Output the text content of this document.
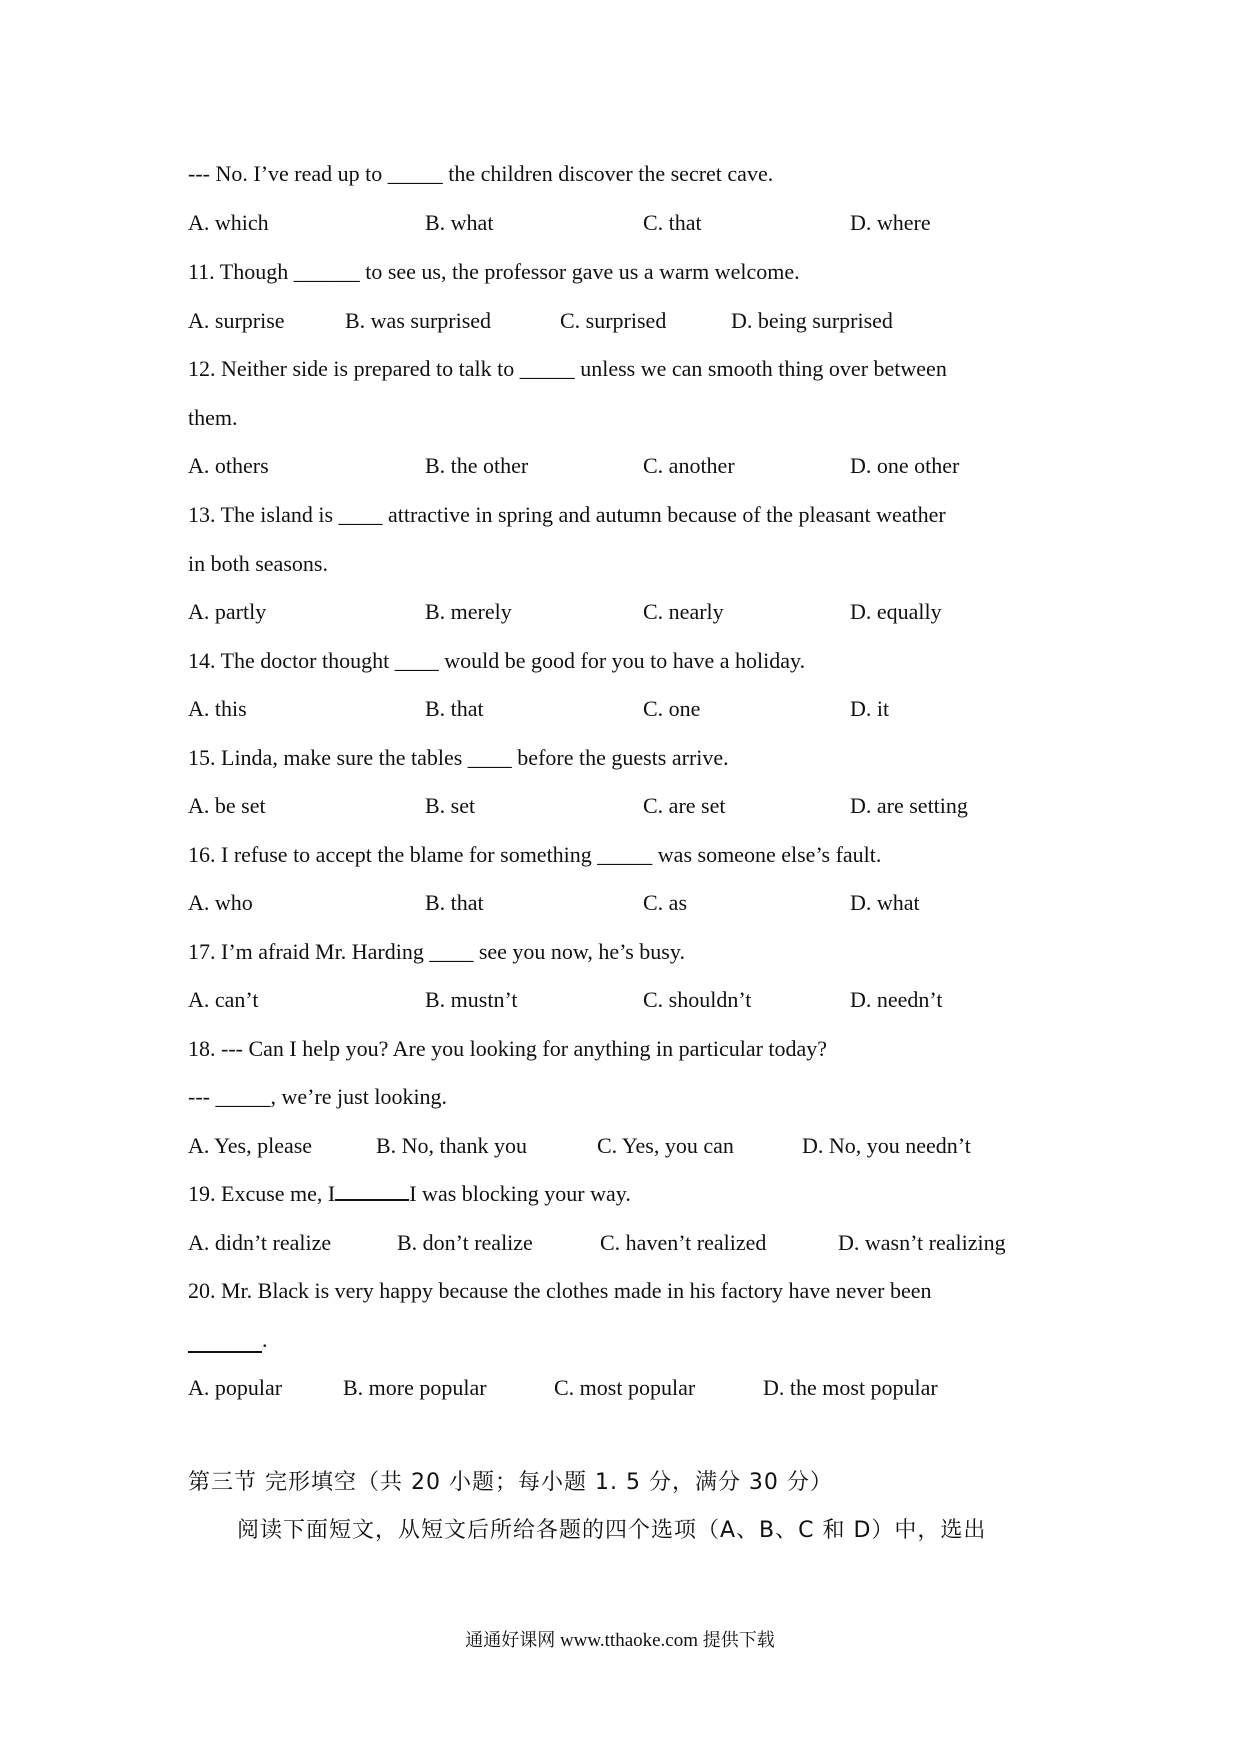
--- No. I’ve read up to _____ the children discover the secret cave.
A. which	B. what	C. that	D. where
11. Though ______ to see us, the professor gave us a warm welcome.
A. surprise	B. was surprised	C. surprised	D. being surprised
12. Neither side is prepared to talk to _____ unless we can smooth thing over between
them.
A. others	B. the other	C. another	D. one other
13. The island is ____ attractive in spring and autumn because of the pleasant weather
in both seasons.
A. partly	B. merely	C. nearly	D. equally
14. The doctor thought ____ would be good for you to have a holiday.
A. this	B. that	C. one	D. it
15. Linda, make sure the tables ____ before the guests arrive.
A. be set	B. set	C. are set	D. are setting
16. I refuse to accept the blame for something _____ was someone else’s fault.
A. who	B. that	C. as	D. what
17. I’m afraid Mr. Harding ____ see you now, he’s busy.
A. can’t	B. mustn’t	C. shouldn’t	D. needn’t
18. --- Can I help you? Are you looking for anything in particular today?
--- _____, we’re just looking.
A. Yes, please	B. No, thank you	C. Yes, you can	D. No, you needn’t
19. Excuse me, I	I was blocking your way.
A. didn’t realize	B. don’t realize	C. haven’t realized	D. wasn’t realizing
20. Mr. Black is very happy because the clothes made in his factory have never been
.
A. popular	B. more popular	C. most popular	D. the most popular
第三节 完形填空（共 20 小题；每小题 1. 5 分，满分 30 分）
阅读下面短文，从短文后所给各题的四个选项（A、B、C 和 D）中，选出
通通好课网 www.tthaoke.com 提供下载
